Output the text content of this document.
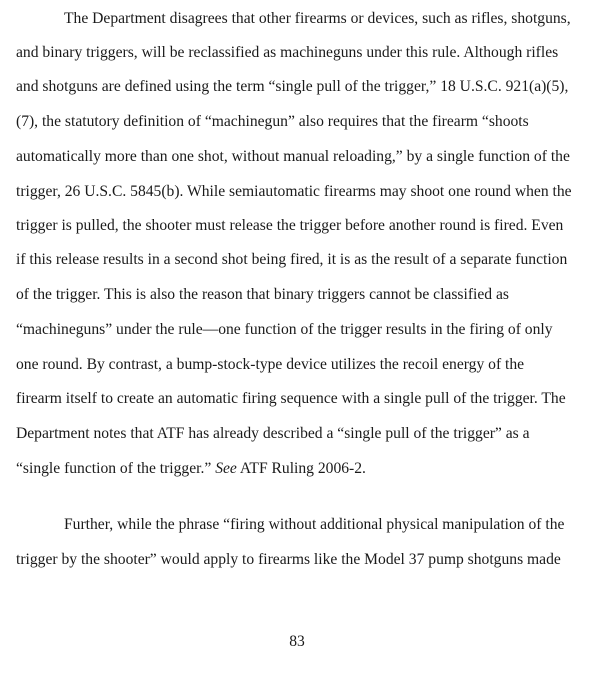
The Department disagrees that other firearms or devices, such as rifles, shotguns,
and binary triggers, will be reclassified as machineguns under this rule. Although rifles
and shotguns are defined using the term “single pull of the trigger,” 18 U.S.C. 921(a)(5),
(7), the statutory definition of “machinegun” also requires that the firearm “shoots
automatically more than one shot, without manual reloading,” by a single function of the
trigger, 26 U.S.C. 5845(b). While semiautomatic firearms may shoot one round when the
trigger is pulled, the shooter must release the trigger before another round is fired. Even
if this release results in a second shot being fired, it is as the result of a separate function
of the trigger. This is also the reason that binary triggers cannot be classified as
“machineguns” under the rule—one function of the trigger results in the firing of only
one round. By contrast, a bump-stock-type device utilizes the recoil energy of the
firearm itself to create an automatic firing sequence with a single pull of the trigger. The
Department notes that ATF has already described a “single pull of the trigger” as a
“single function of the trigger.” See ATF Ruling 2006-2.
Further, while the phrase “firing without additional physical manipulation of the
trigger by the shooter” would apply to firearms like the Model 37 pump shotguns made
83
